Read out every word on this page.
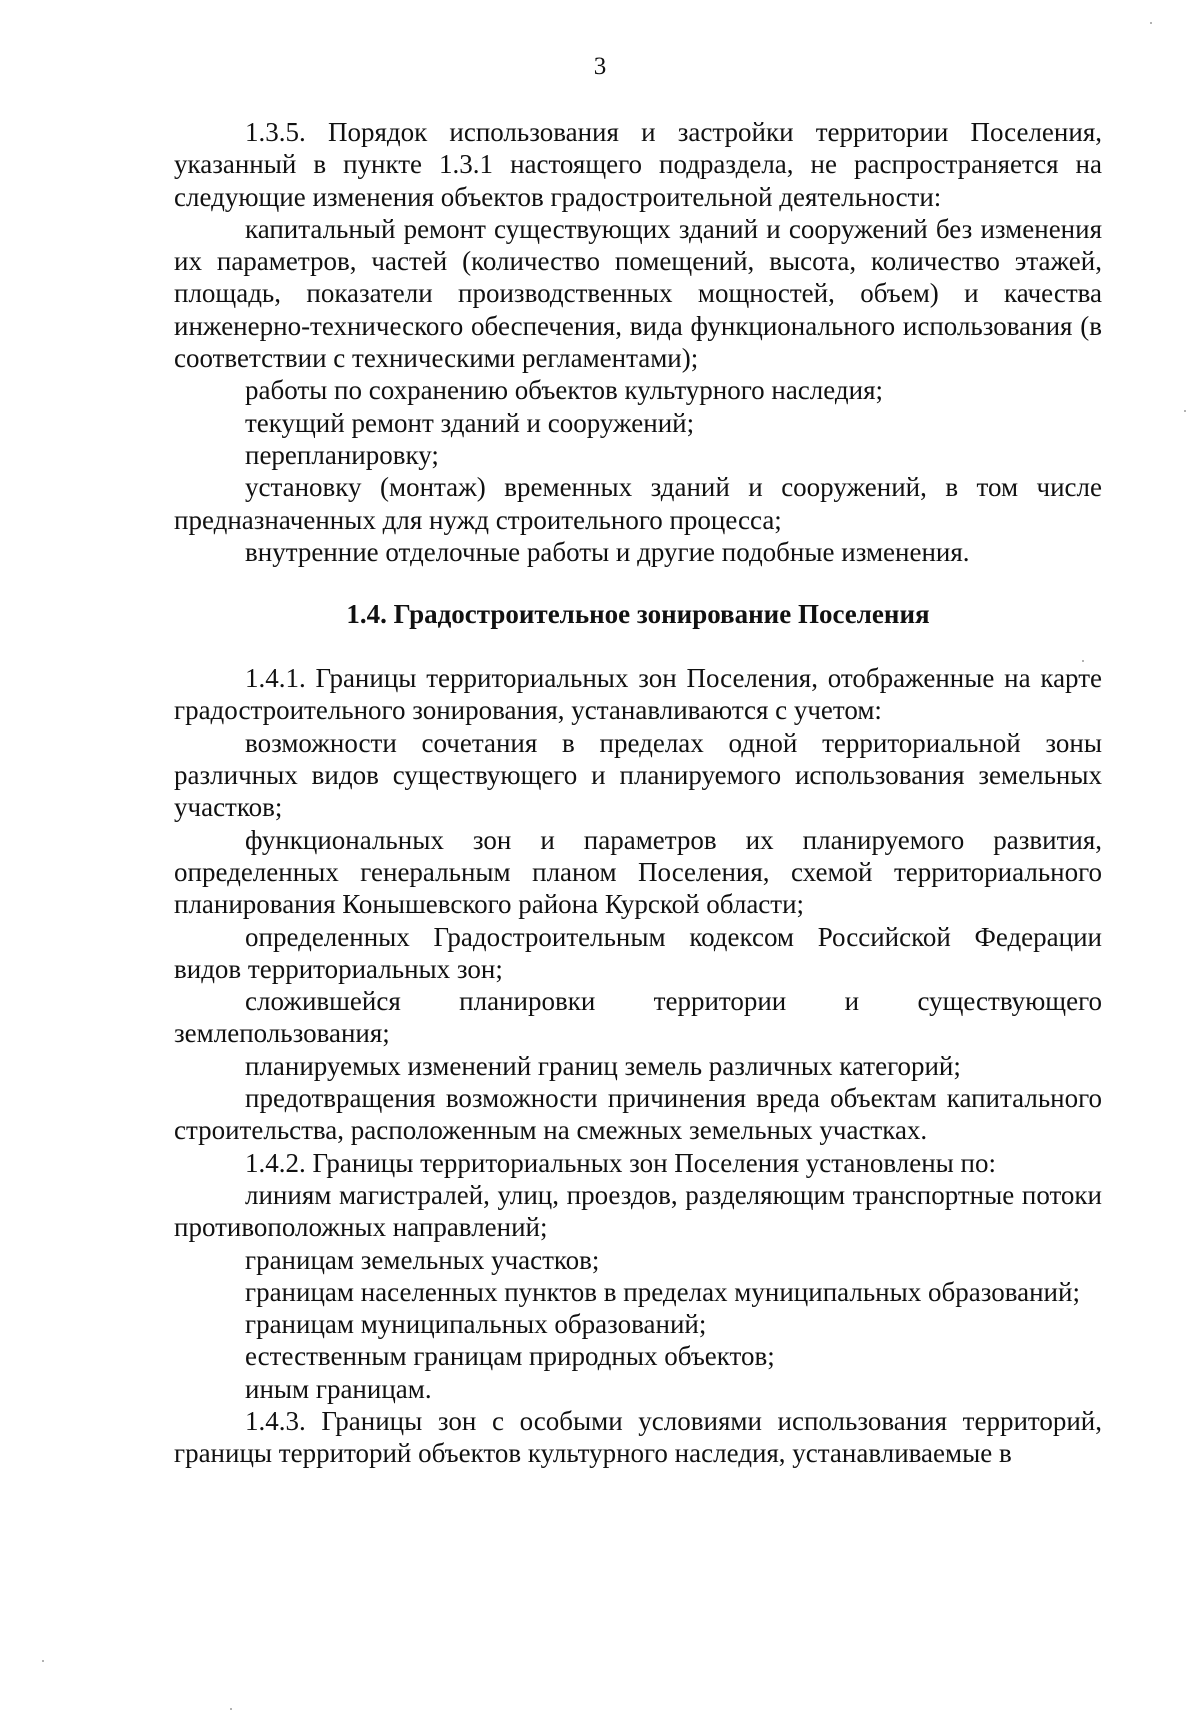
3

1.3.5. Порядок использования и застройки территории Поселения, указанный в пункте 1.3.1 настоящего подраздела, не распространяется на следующие изменения объектов градостроительной деятельности:

капитальный ремонт существующих зданий и сооружений без изменения их параметров, частей (количество помещений, высота, количество этажей, площадь, показатели производственных мощностей, объем) и качества инженерно-технического обеспечения, вида функционального использования (в соответствии с техническими регламентами);

работы по сохранению объектов культурного наследия;

текущий ремонт зданий и сооружений;

перепланировку;

установку (монтаж) временных зданий и сооружений, в том числе предназначенных для нужд строительного процесса;

внутренние отделочные работы и другие подобные изменения.

1.4. Градостроительное зонирование Поселения

1.4.1. Границы территориальных зон Поселения, отображенные на карте градостроительного зонирования, устанавливаются с учетом:

возможности сочетания в пределах одной территориальной зоны различных видов существующего и планируемого использования земельных участков;

функциональных зон и параметров их планируемого развития, определенных генеральным планом Поселения, схемой территориального планирования Конышевского района Курской области;

определенных Градостроительным кодексом Российской Федерации видов территориальных зон;

сложившейся планировки территории и существующего землепользования;

планируемых изменений границ земель различных категорий;

предотвращения возможности причинения вреда объектам капитального строительства, расположенным на смежных земельных участках.

1.4.2. Границы территориальных зон Поселения установлены по:

линиям магистралей, улиц, проездов, разделяющим транспортные потоки противоположных направлений;

границам земельных участков;

границам населенных пунктов в пределах муниципальных образований;

границам муниципальных образований;

естественным границам природных объектов;

иным границам.

1.4.3. Границы зон с особыми условиями использования территорий, границы территорий объектов культурного наследия, устанавливаемые в
